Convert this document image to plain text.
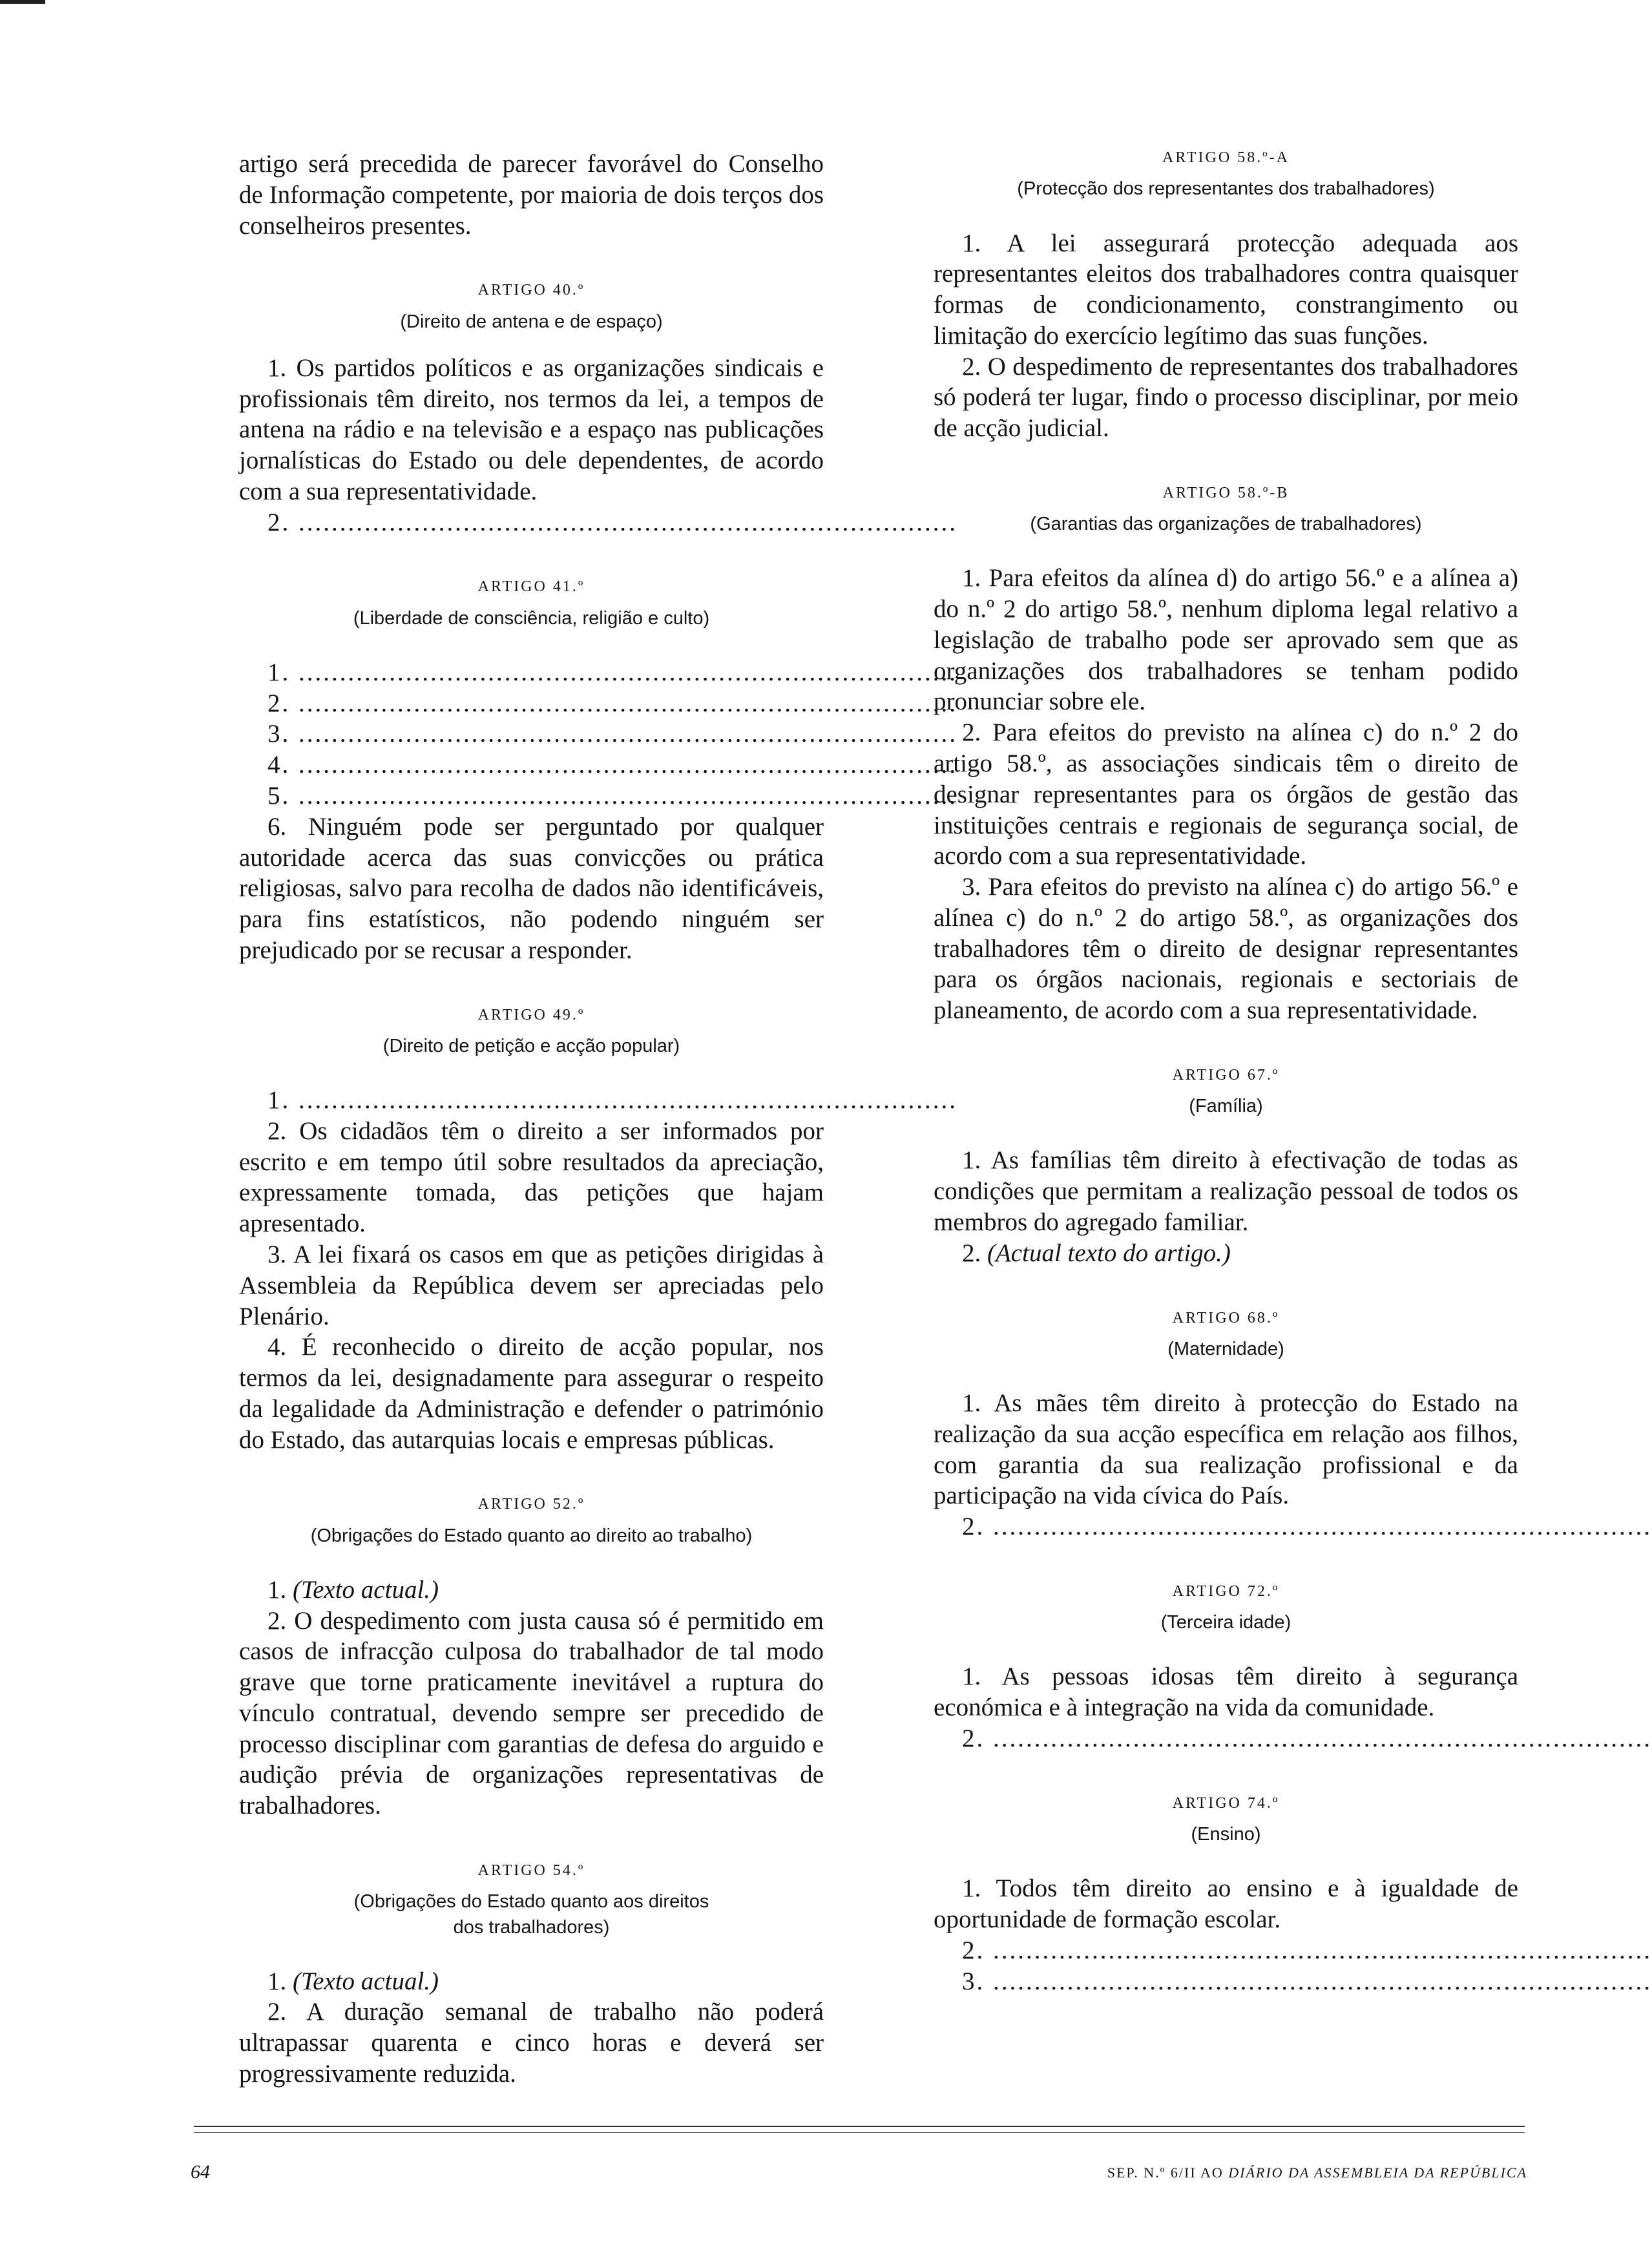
artigo será precedida de parecer favorável do Conselho de Informação competente, por maioria de dois terços dos conselheiros presentes.

ARTIGO 40.º
(Direito de antena e de espaço)

1. Os partidos políticos e as organizações sindicais e profissionais têm direito, nos termos da lei, a tempos de antena na rádio e na televisão e a espaço nas publicações jornalísticas do Estado ou dele dependentes, de acordo com a sua representatividade.

2. ................................................................................

ARTIGO 41.º
(Liberdade de consciência, religião e culto)

1. ................................................................................

2. ................................................................................

3. ................................................................................

4. ................................................................................

5. ................................................................................

6. Ninguém pode ser perguntado por qualquer autoridade acerca das suas convicções ou prática religiosas, salvo para recolha de dados não identificáveis, para fins estatísticos, não podendo ninguém ser prejudicado por se recusar a responder.

ARTIGO 49.º
(Direito de petição e acção popular)

1. ................................................................................

2. Os cidadãos têm o direito a ser informados por escrito e em tempo útil sobre resultados da apreciação, expressamente tomada, das petições que hajam apresentado.

3. A lei fixará os casos em que as petições dirigidas à Assembleia da República devem ser apreciadas pelo Plenário.

4. É reconhecido o direito de acção popular, nos termos da lei, designadamente para assegurar o respeito da legalidade da Administração e defender o património do Estado, das autarquias locais e empresas públicas.

ARTIGO 52.º
(Obrigações do Estado quanto ao direito ao trabalho)

1. (Texto actual.)

2. O despedimento com justa causa só é permitido em casos de infracção culposa do trabalhador de tal modo grave que torne praticamente inevitável a ruptura do vínculo contratual, devendo sempre ser precedido de processo disciplinar com garantias de defesa do arguido e audição prévia de organizações representativas de trabalhadores.

ARTIGO 54.º
(Obrigações do Estado quanto aos direitos
dos trabalhadores)

1. (Texto actual.)

2. A duração semanal de trabalho não poderá ultrapassar quarenta e cinco horas e deverá ser progressivamente reduzida.

ARTIGO 58.º-A
(Protecção dos representantes dos trabalhadores)

1. A lei assegurará protecção adequada aos representantes eleitos dos trabalhadores contra quaisquer formas de condicionamento, constrangimento ou limitação do exercício legítimo das suas funções.

2. O despedimento de representantes dos trabalhadores só poderá ter lugar, findo o processo disciplinar, por meio de acção judicial.

ARTIGO 58.º-B
(Garantias das organizações de trabalhadores)

1. Para efeitos da alínea d) do artigo 56.º e a alínea a) do n.º 2 do artigo 58.º, nenhum diploma legal relativo a legislação de trabalho pode ser aprovado sem que as organizações dos trabalhadores se tenham podido pronunciar sobre ele.

2. Para efeitos do previsto na alínea c) do n.º 2 do artigo 58.º, as associações sindicais têm o direito de designar representantes para os órgãos de gestão das instituições centrais e regionais de segurança social, de acordo com a sua representatividade.

3. Para efeitos do previsto na alínea c) do artigo 56.º e alínea c) do n.º 2 do artigo 58.º, as organizações dos trabalhadores têm o direito de designar representantes para os órgãos nacionais, regionais e sectoriais de planeamento, de acordo com a sua representatividade.

ARTIGO 67.º
(Família)

1. As famílias têm direito à efectivação de todas as condições que permitam a realização pessoal de todos os membros do agregado familiar.

2. (Actual texto do artigo.)

ARTIGO 68.º
(Maternidade)

1. As mães têm direito à protecção do Estado na realização da sua acção específica em relação aos filhos, com garantia da sua realização profissional e da participação na vida cívica do País.

2. ................................................................................

ARTIGO 72.º
(Terceira idade)

1. As pessoas idosas têm direito à segurança económica e à integração na vida da comunidade.

2. ................................................................................

ARTIGO 74.º
(Ensino)

1. Todos têm direito ao ensino e à igualdade de oportunidade de formação escolar.

2. ................................................................................

3. ................................................................................

64	SEP. N.º 6/II AO DIÁRIO DA ASSEMBLEIA DA REPÚBLICA
